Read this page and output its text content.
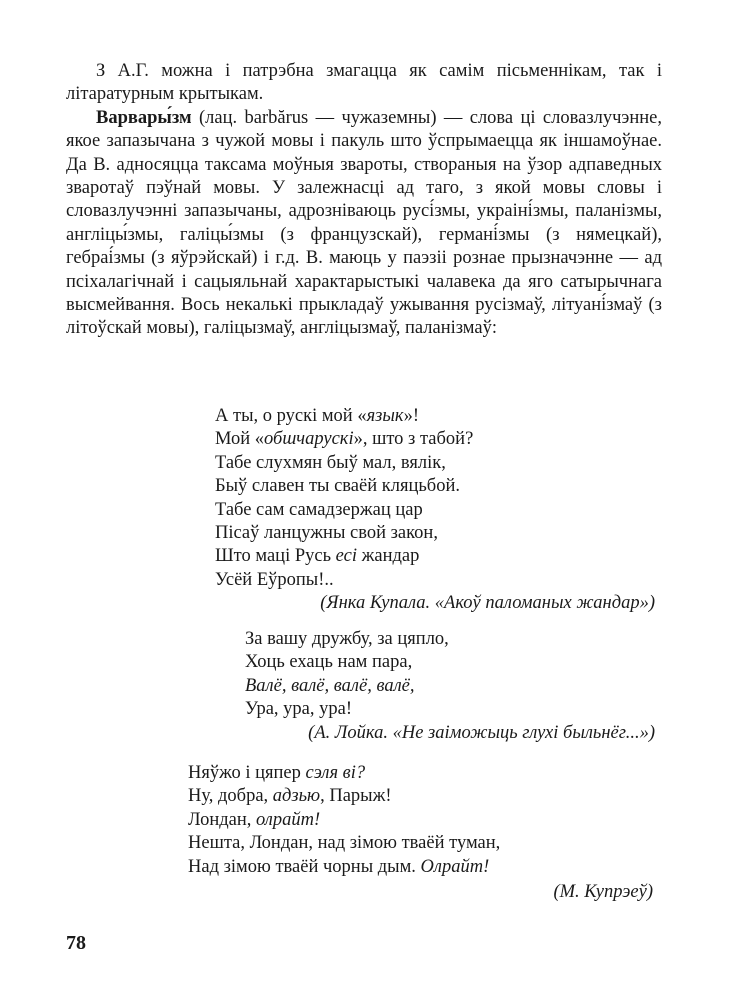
З А.Г. можна і патрэбна змагацца як самім пісьменнікам, так і літаратурным крытыкам.

Варвары́зм (лац. barbărus — чужаземны) — слова ці словазлучэнне, якое запазычана з чужой мовы і пакуль што ўспрымаецца як іншамоўнае. Да В. адносяцца таксама моўныя звароты, створаныя на ўзор адпаведных зваротаў пэўнай мовы. У залежнасці ад таго, з якой мовы словы і словазлучэнні запазычаны, адрозніваюць русі́змы, украіні́змы, паланізмы, англіцы́змы, галіцы́змы (з французскай), германі́змы (з нямецкай), гебраі́змы (з яўрэйскай) і г.д. В. маюць у паэзіі рознае прызначэнне — ад псіхалагічнай і сацыяльнай характарыстыкі чалавека да яго сатырычнага высмейвання. Вось некалькі прыкладаў ужывання русізмаў, літуані́змаў (з літоўскай мовы), галіцызмаў, англіцызмаў, паланізмаў:

А ты, о рускі мой «язык»!
Мой «обшчарускі», што з табой?
Табе слухмян быў мал, вялік,
Быў славен ты сваёй кляцьбой.
Табе сам самадзержац цар
Пісаў ланцужны свой закон,
Што маці Русь есі жандар
Усёй Еўропы!..
(Янка Купала. «Акоў паломаных жандар»)
За вашу дружбу, за цяпло,
Хоць ехаць нам пара,
Валё, валё, валё, валё,
Ура, ура, ура!
(А. Лойка. «Не заіможыць глухі быльнёг...»)
Няўжо і цяпер сэля ві?
Ну, добра, адзью, Парыж!
Лондан, олрайт!
Нешта, Лондан, над зімою тваёй туман,
Над зімою тваёй чорны дым. Олрайт!
(М. Купрэеў)
78
